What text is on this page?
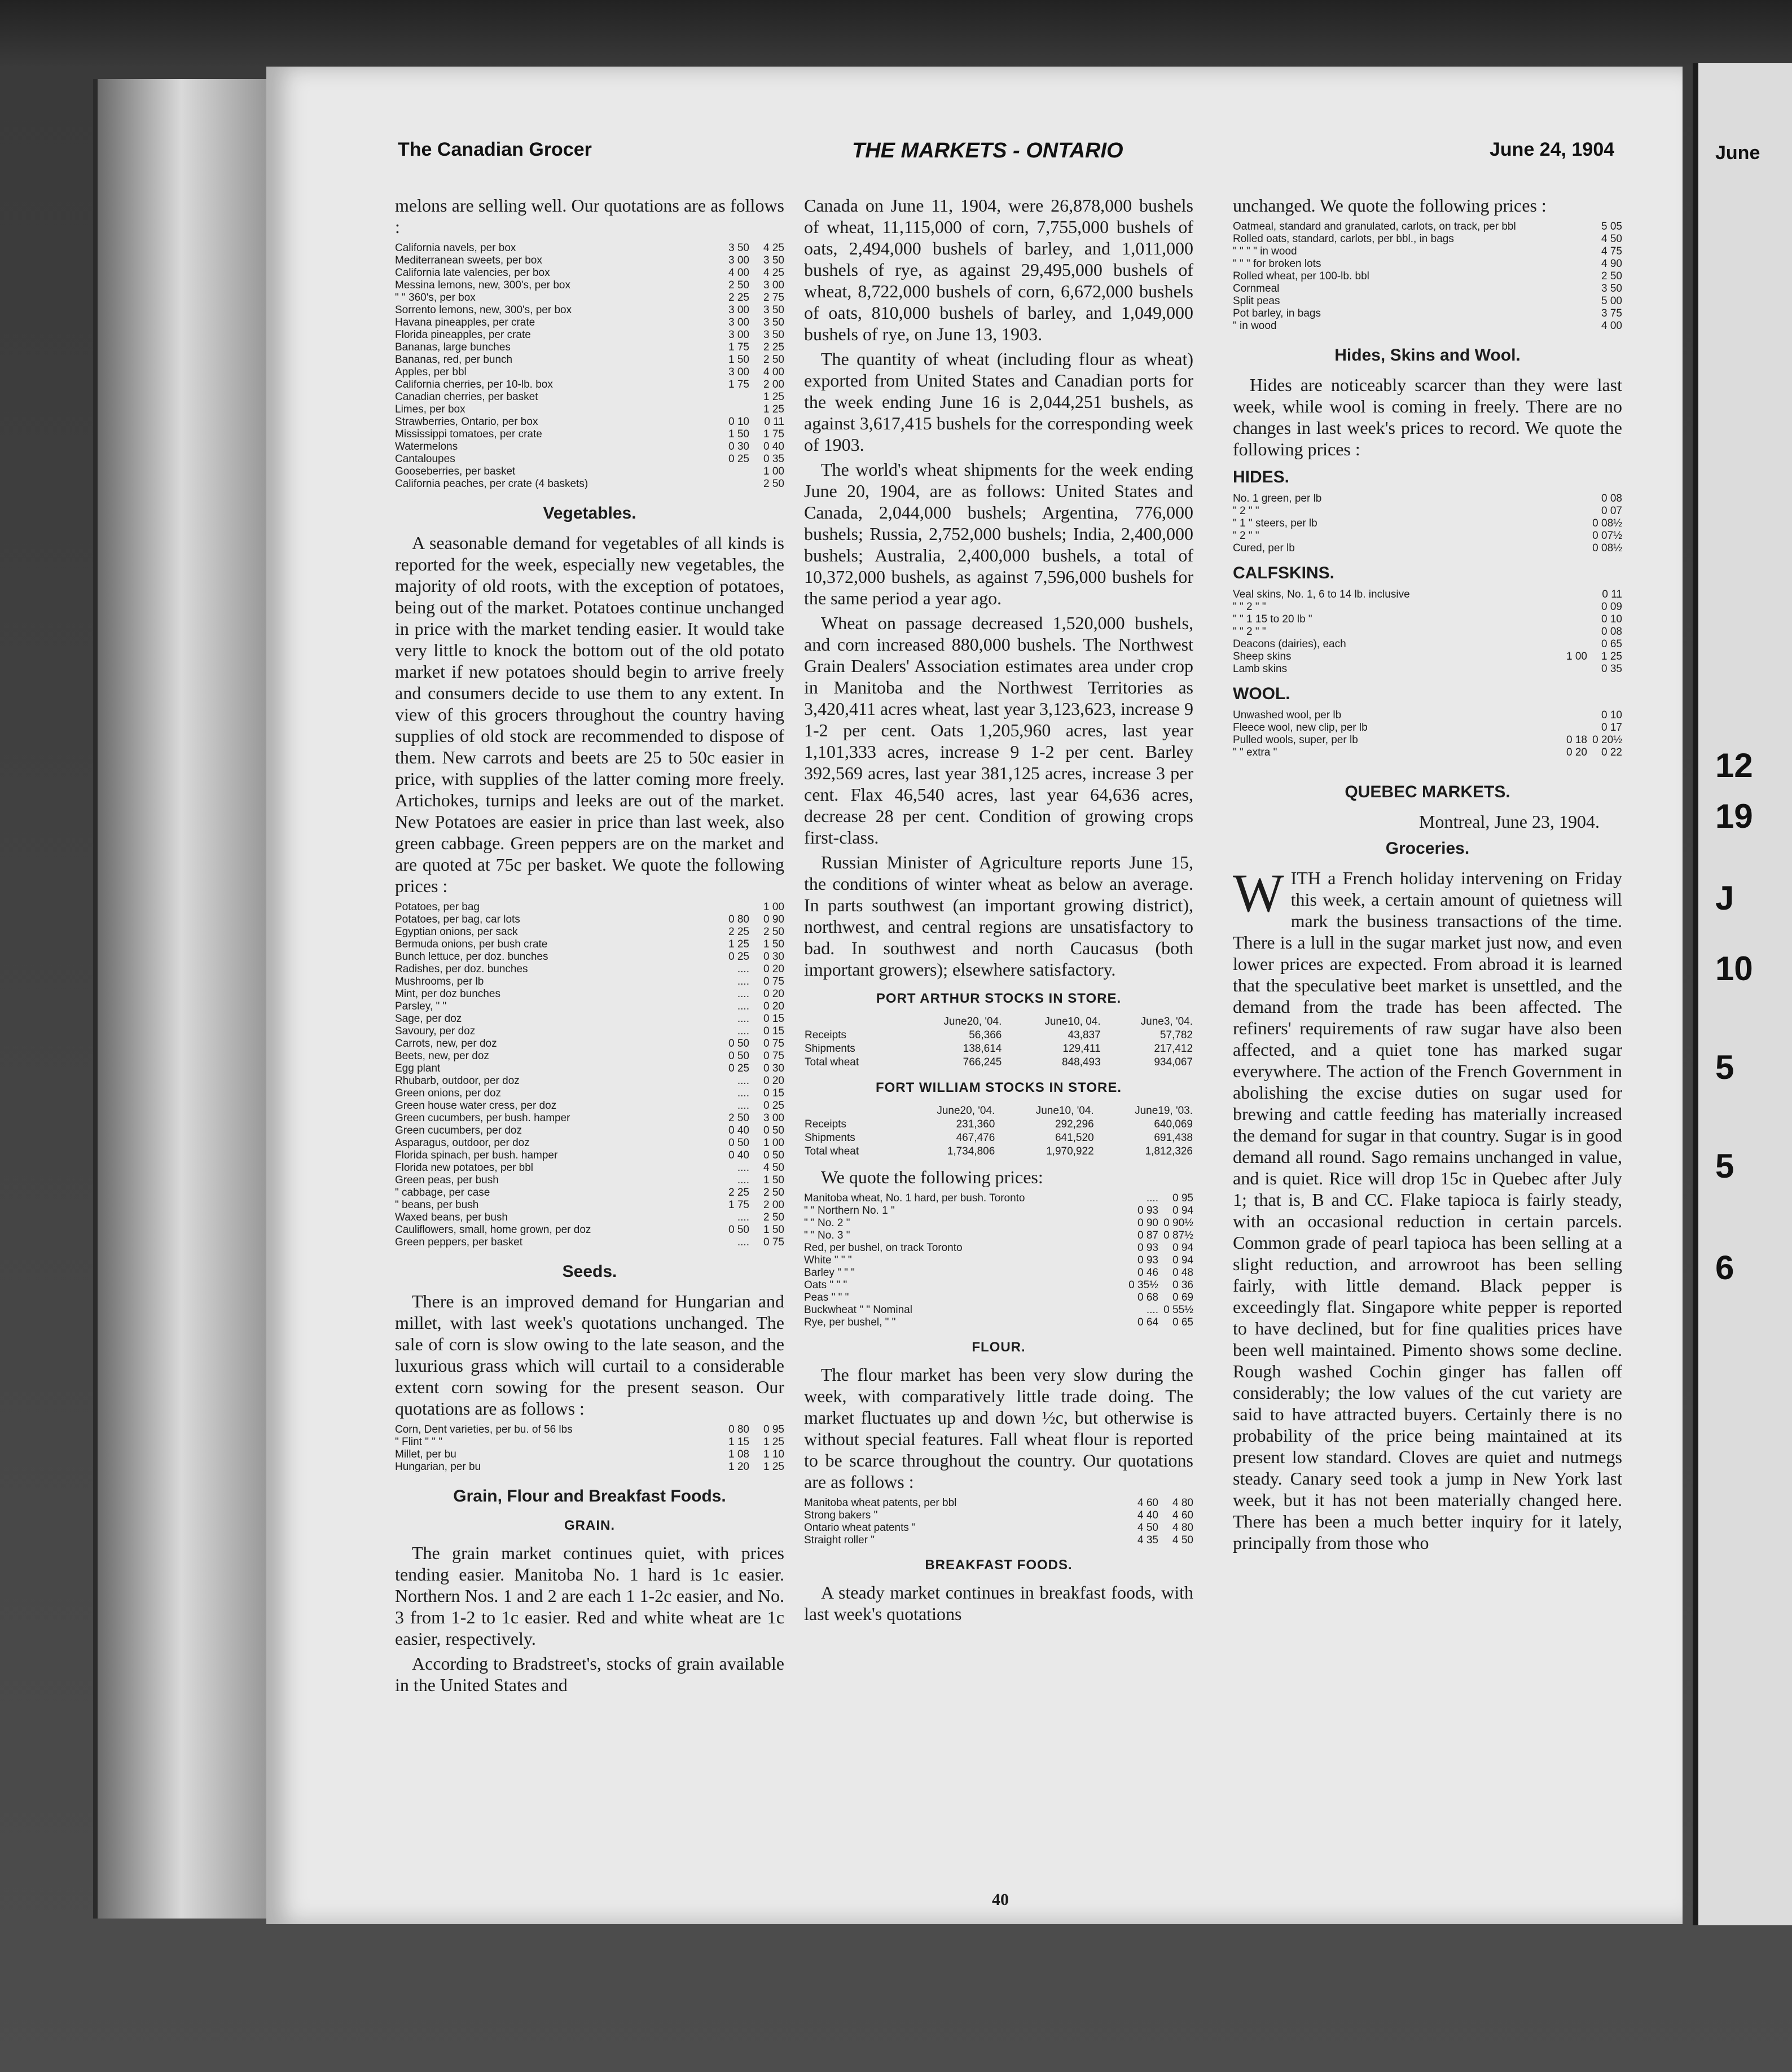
June
12
19
J
10
5
5
6
The Canadian Grocer	THE MARKETS - ONTARIO	June 24, 1904

melons are selling well. Our quotations are as follows :

California navels, per box	3 50	4 25
Mediterranean sweets, per box	3 00	3 50
California late valencies, per box	4 00	4 25
Messina lemons, new, 300's, per box	2 50	3 00
" " 360's, per box	2 25	2 75
Sorrento lemons, new, 300's, per box	3 00	3 50
Havana pineapples, per crate	3 00	3 50
Florida pineapples, per crate	3 00	3 50
Bananas, large bunches	1 75	2 25
Bananas, red, per bunch	1 50	2 50
Apples, per bbl	3 00	4 00
California cherries, per 10-lb. box	1 75	2 00
Canadian cherries, per basket		1 25
Limes, per box		1 25
Strawberries, Ontario, per box	0 10	0 11
Mississippi tomatoes, per crate	1 50	1 75
Watermelons	0 30	0 40
Cantaloupes	0 25	0 35
Gooseberries, per basket		1 00
California peaches, per crate (4 baskets)		2 50
Vegetables.

A seasonable demand for vegetables of all kinds is reported for the week, especially new vegetables, the majority of old roots, with the exception of potatoes, being out of the market. Potatoes continue unchanged in price with the market tending easier. It would take very little to knock the bottom out of the old potato market if new potatoes should begin to arrive freely and consumers decide to use them to any extent. In view of this grocers throughout the country having supplies of old stock are recommended to dispose of them. New carrots and beets are 25 to 50c easier in price, with supplies of the latter coming more freely. Artichokes, turnips and leeks are out of the market. New Potatoes are easier in price than last week, also green cabbage. Green peppers are on the market and are quoted at 75c per basket. We quote the following prices :

Potatoes, per bag		1 00
Potatoes, per bag, car lots	0 80	0 90
Egyptian onions, per sack	2 25	2 50
Bermuda onions, per bush crate	1 25	1 50
Bunch lettuce, per doz. bunches	0 25	0 30
Radishes, per doz. bunches	....	0 20
Mushrooms, per lb	....	0 75
Mint, per doz bunches	....	0 20
Parsley, " "	....	0 20
Sage, per doz	....	0 15
Savoury, per doz	....	0 15
Carrots, new, per doz	0 50	0 75
Beets, new, per doz	0 50	0 75
Egg plant	0 25	0 30
Rhubarb, outdoor, per doz	....	0 20
Green onions, per doz	....	0 15
Green house water cress, per doz	....	0 25
Green cucumbers, per bush. hamper	2 50	3 00
Green cucumbers, per doz	0 40	0 50
Asparagus, outdoor, per doz	0 50	1 00
Florida spinach, per bush. hamper	0 40	0 50
Florida new potatoes, per bbl	....	4 50
Green peas, per bush	....	1 50
" cabbage, per case	2 25	2 50
" beans, per bush	1 75	2 00
Waxed beans, per bush	....	2 50
Cauliflowers, small, home grown, per doz	0 50	1 50
Green peppers, per basket	....	0 75
Seeds.

There is an improved demand for Hungarian and millet, with last week's quotations unchanged. The sale of corn is slow owing to the late season, and the luxurious grass which will curtail to a considerable extent corn sowing for the present season. Our quotations are as follows :

Corn, Dent varieties, per bu. of 56 lbs	0 80	0 95
" Flint " " "	1 15	1 25
Millet, per bu	1 08	1 10
Hungarian, per bu	1 20	1 25
Grain, Flour and Breakfast Foods.
GRAIN.

The grain market continues quiet, with prices tending easier. Manitoba No. 1 hard is 1c easier. Northern Nos. 1 and 2 are each 1 1-2c easier, and No. 3 from 1-2 to 1c easier. Red and white wheat are 1c easier, respectively.

According to Bradstreet's, stocks of grain available in the United States and

Canada on June 11, 1904, were 26,878,000 bushels of wheat, 11,115,000 of corn, 7,755,000 bushels of oats, 2,494,000 bushels of barley, and 1,011,000 bushels of rye, as against 29,495,000 bushels of wheat, 8,722,000 bushels of corn, 6,672,000 bushels of oats, 810,000 bushels of barley, and 1,049,000 bushels of rye, on June 13, 1903.

The quantity of wheat (including flour as wheat) exported from United States and Canadian ports for the week ending June 16 is 2,044,251 bushels, as against 3,617,415 bushels for the corresponding week of 1903.

The world's wheat shipments for the week ending June 20, 1904, are as follows: United States and Canada, 2,044,000 bushels; Argentina, 776,000 bushels; Russia, 2,752,000 bushels; India, 2,400,000 bushels; Australia, 2,400,000 bushels, a total of 10,372,000 bushels, as against 7,596,000 bushels for the same period a year ago.

Wheat on passage decreased 1,520,000 bushels, and corn increased 880,000 bushels. The Northwest Grain Dealers' Association estimates area under crop in Manitoba and the Northwest Territories as 3,420,411 acres wheat, last year 3,123,623, increase 9 1-2 per cent. Oats 1,205,960 acres, last year 1,101,333 acres, increase 9 1-2 per cent. Barley 392,569 acres, last year 381,125 acres, increase 3 per cent. Flax 46,540 acres, last year 64,636 acres, decrease 28 per cent. Condition of growing crops first-class.

Russian Minister of Agriculture reports June 15, the conditions of winter wheat as below an average. In parts southwest (an important growing district), northwest, and central regions are unsatisfactory to bad. In southwest and north Caucasus (both important growers); elsewhere satisfactory.

PORT ARTHUR STOCKS IN STORE.
	June20, '04.	June10, 04.	June3, '04.
Receipts	56,366	43,837	57,782
Shipments	138,614	129,411	217,412
Total wheat	766,245	848,493	934,067
FORT WILLIAM STOCKS IN STORE.
	June20, '04.	June10, '04.	June19, '03.
Receipts	231,360	292,296	640,069
Shipments	467,476	641,520	691,438
Total wheat	1,734,806	1,970,922	1,812,326

We quote the following prices:

Manitoba wheat, No. 1 hard, per bush. Toronto	....	0 95
" " Northern No. 1 "	0 93	0 94
" " No. 2 "	0 90	0 90½
" " No. 3 "	0 87	0 87½
Red, per bushel, on track Toronto	0 93	0 94
White " " "	0 93	0 94
Barley " " "	0 46	0 48
Oats " " "	0 35½	0 36
Peas " " "	0 68	0 69
Buckwheat " " Nominal	....	0 55½
Rye, per bushel, " "	0 64	0 65
FLOUR.

The flour market has been very slow during the week, with comparatively little trade doing. The market fluctuates up and down ½c, but otherwise is without special features. Fall wheat flour is reported to be scarce throughout the country. Our quotations are as follows :

Manitoba wheat patents, per bbl	4 60	4 80
Strong bakers "	4 40	4 60
Ontario wheat patents "	4 50	4 80
Straight roller "	4 35	4 50
BREAKFAST FOODS.

A steady market continues in breakfast foods, with last week's quotations

unchanged. We quote the following prices :

Oatmeal, standard and granulated, carlots, on track, per bbl		5 05
Rolled oats, standard, carlots, per bbl., in bags		4 50
" " " " in wood		4 75
" " " for broken lots		4 90
Rolled wheat, per 100-lb. bbl		2 50
Cornmeal		3 50
Split peas		5 00
Pot barley, in bags		3 75
" in wood		4 00
Hides, Skins and Wool.

Hides are noticeably scarcer than they were last week, while wool is coming in freely. There are no changes in last week's prices to record. We quote the following prices :

HIDES.
No. 1 green, per lb		0 08
" 2 " "		0 07
" 1 " steers, per lb		0 08½
" 2 " "		0 07½
Cured, per lb		0 08½
CALFSKINS.
Veal skins, No. 1, 6 to 14 lb. inclusive		0 11
" " 2 " "		0 09
" " 1 15 to 20 lb "		0 10
" " 2 " "		0 08
Deacons (dairies), each		0 65
Sheep skins	1 00	1 25
Lamb skins		0 35
WOOL.
Unwashed wool, per lb		0 10
Fleece wool, new clip, per lb		0 17
Pulled wools, super, per lb	0 18	0 20½
" " extra "	0 20	0 22
QUEBEC MARKETS.
Montreal, June 23, 1904.
Groceries.

WITH a French holiday intervening on Friday this week, a certain amount of quietness will mark the business transactions of the time. There is a lull in the sugar market just now, and even lower prices are expected. From abroad it is learned that the speculative beet market is unsettled, and the demand from the trade has been affected. The refiners' requirements of raw sugar have also been affected, and a quiet tone has marked sugar everywhere. The action of the French Government in abolishing the excise duties on sugar used for brewing and cattle feeding has materially increased the demand for sugar in that country. Sugar is in good demand all round. Sago remains unchanged in value, and is quiet. Rice will drop 15c in Quebec after July 1; that is, B and CC. Flake tapioca is fairly steady, with an occasional reduction in certain parcels. Common grade of pearl tapioca has been selling at a slight reduction, and arrowroot has been selling fairly, with little demand. Black pepper is exceedingly flat. Singapore white pepper is reported to have declined, but for fine qualities prices have been well maintained. Pimento shows some decline. Rough washed Cochin ginger has fallen off considerably; the low values of the cut variety are said to have attracted buyers. Certainly there is no probability of the price being maintained at its present low standard. Cloves are quiet and nutmegs steady. Canary seed took a jump in New York last week, but it has not been materially changed here. There has been a much better inquiry for it lately, principally from those who

40
